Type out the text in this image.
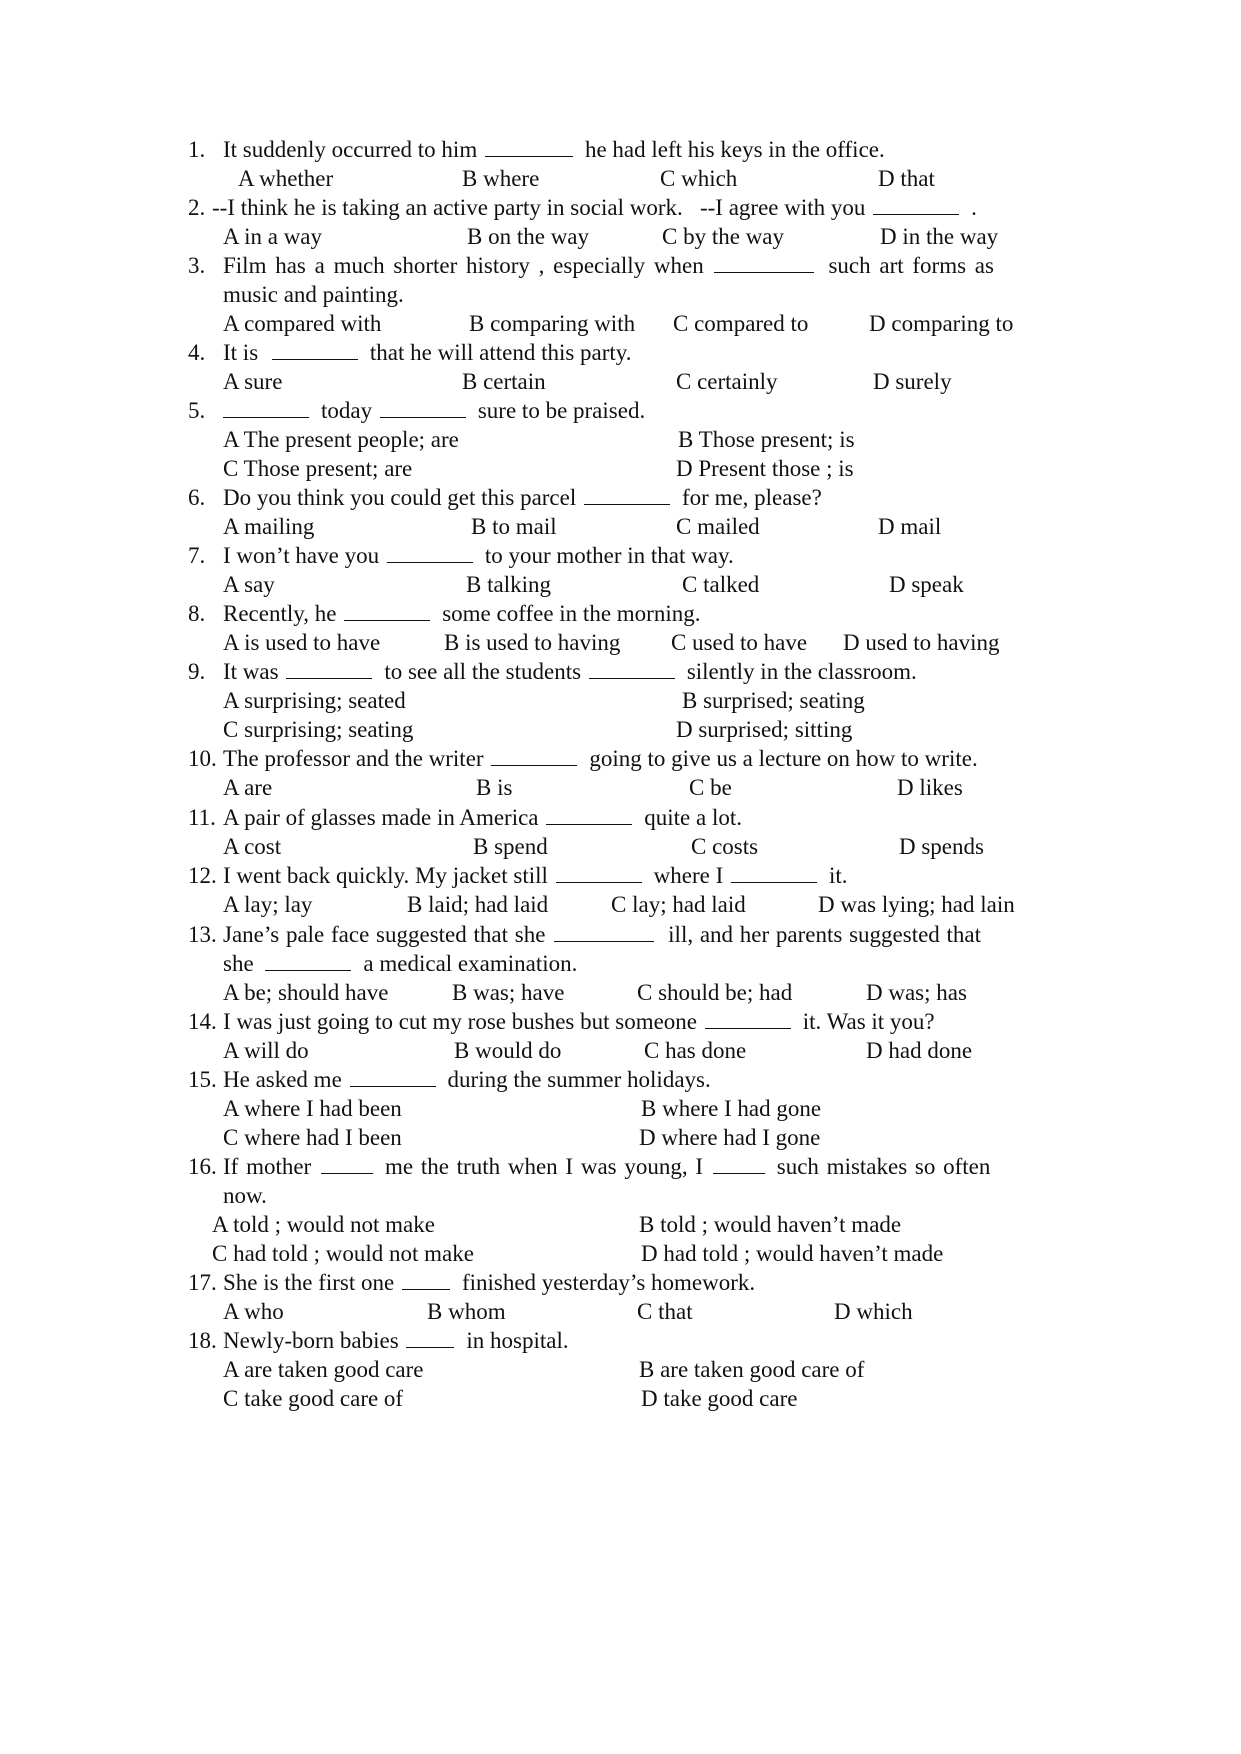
1. It suddenly occurred to him	he had left his keys in the office.
A whether	B where	C which	D that
2. --I think he is taking an active party in social work.   --I agree with you	.
A in a way	B on the way	C by the way	D in the way
3. Film has a much shorter history , especially when	such art forms as
music and painting.
A compared with	B comparing with C compared to	D comparing to
4. It is	that he will attend this party.
A sure	B certain	C certainly	D surely
5.	today	sure to be praised.
A The present people; are	B Those present; is
C Those present; are	D Present those ; is
6. Do you think you could get this parcel	for me, please?
A mailing	B to mail	C mailed	D mail
7. I won’t have you	to your mother in that way.
A say	B talking	C talked	D speak
8. Recently, he	some coffee in the morning.
A is used to have	B is used to having C used to have D used to having
9. It was	to see all the students	silently in the classroom.
A surprising; seated	B surprised; seating
C surprising; seating	D surprised; sitting
10. The professor and the writer	going to give us a lecture on how to write.
A are	B is	C be	D likes
11. A pair of glasses made in America	quite a lot.
A cost	B spend	C costs	D spends
12. I went back quickly. My jacket still	where I	it.
A lay; lay	B laid; had laid	C lay; had laid	D was lying; had lain
13. Jane’s pale face suggested that she	ill, and her parents suggested that
she	a medical examination.
A be; should have	B was; have	C should be; had	D was; has
14. I was just going to cut my rose bushes but someone	it. Was it you?
A will do	B would do	C has done	D had done
15. He asked me	during the summer holidays.
A where I had been	B where I had gone
C where had I been	D where had I gone
16. If mother	me the truth when I was young, I	such mistakes so often
now.
A told ; would not make	B told ; would haven’t made
C had told ; would not make	D had told ; would haven’t made
17. She is the first one	finished yesterday’s homework.
A who	B whom	C that	D which
18. Newly-born babies	in hospital.
A are taken good care	B are taken good care of
C take good care of	D take good care
